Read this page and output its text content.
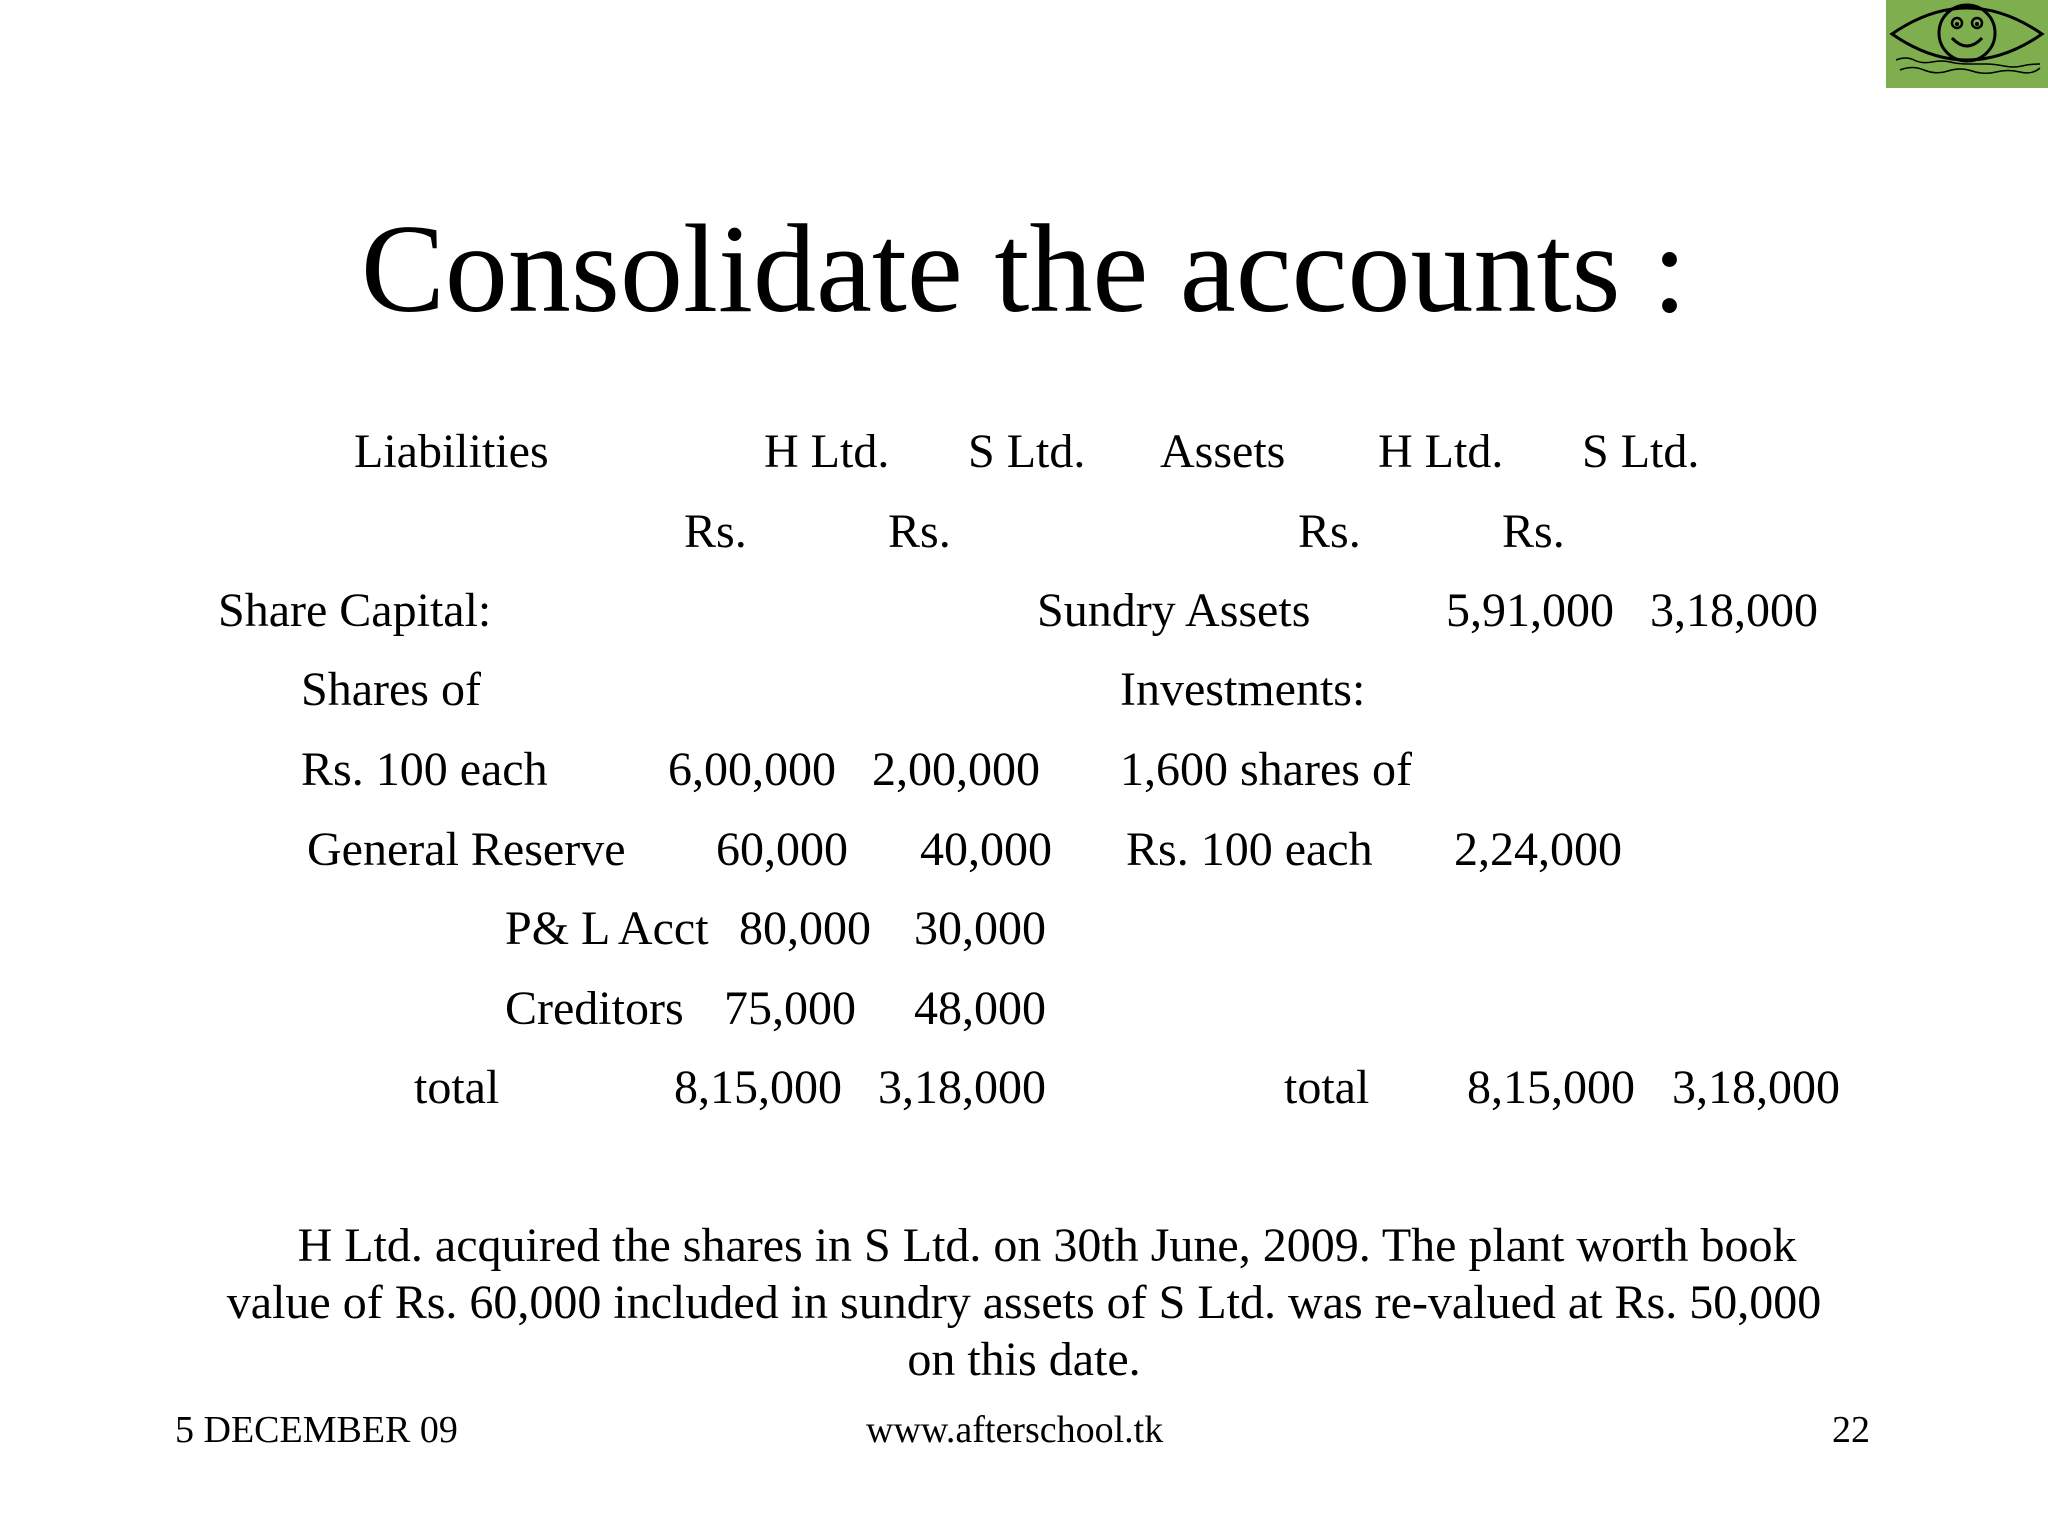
Consolidate the accounts :
Liabilities	H Ltd. S Ltd. Assets H Ltd. S Ltd.
Rs.	Rs.	Rs.	Rs.
Share Capital:	Sundry Assets	5,91,000 3,18,000
Shares of	Investments:
Rs. 100 each	6,00,000 2,00,000 1,600 shares of
General Reserve 60,000 40,000 Rs. 100 each 2,24,000
P& L Acct 80,000 30,000
Creditors 75,000 48,000
total	8,15,000 3,18,000	total 8,15,000 3,18,000
H Ltd. acquired the shares in S Ltd. on 30th June, 2009. The plant worth book
value of Rs. 60,000 included in sundry assets of S Ltd. was re-valued at Rs. 50,000
on this date.
5 DECEMBER 09	www.afterschool.tk	22
